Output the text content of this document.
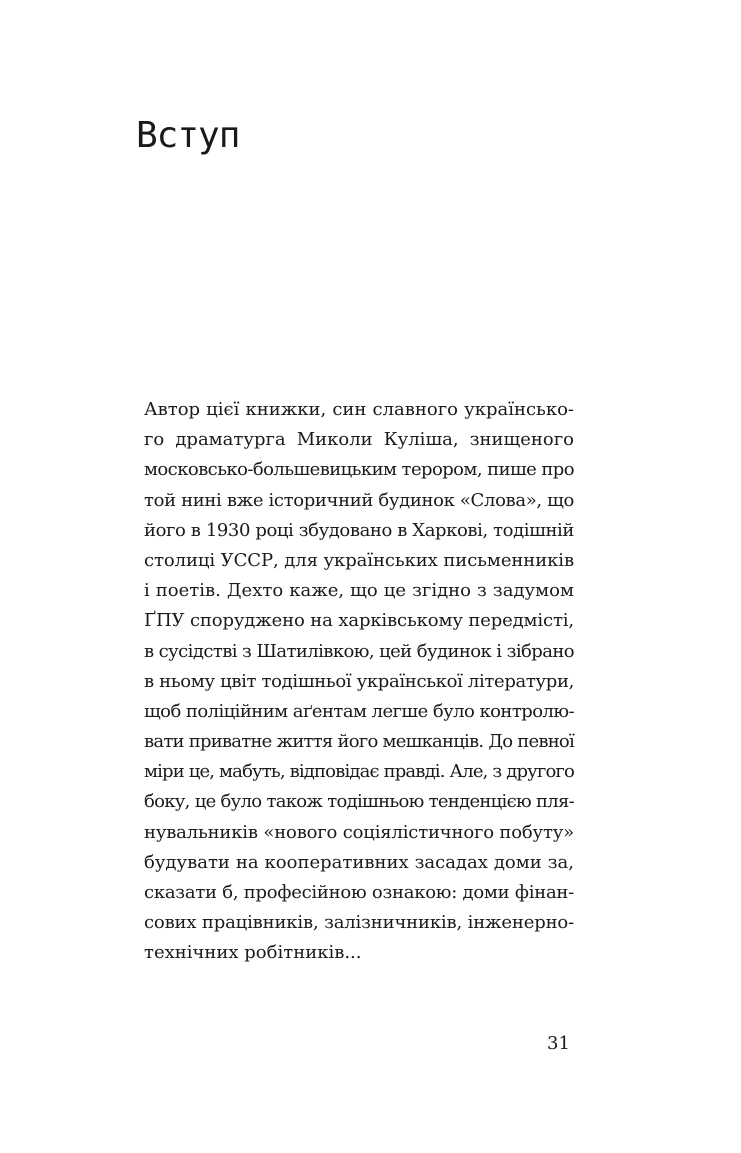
Вступ
Автор цієї книжки, син славного українсько-
го драматурга Миколи Куліша, знищеного
московсько-большевицьким терором, пише про
той нині вже історичний будинок «Слова», що
його в 1930 році збудовано в Харкові, тодішній
столиці УССР, для українських письменників
і поетів. Дехто каже, що це згідно з задумом
ҐПУ споруджено на харківському передмісті,
в сусідстві з Шатилівкою, цей будинок і зібрано
в ньому цвіт тодішньої української літератури,
щоб поліційним аґентам легше було контролю-
вати приватне життя його мешканців. До певної
міри це, мабуть, відповідає правді. Але, з другого
боку, це було також тодішньою тенденцією пля-
нувальників «нового соціялістичного побуту»
будувати на кооперативних засадах доми за,
сказати б, професійною ознакою: доми фінан-
сових працівників, залізничників, інженерно-
технічних робітників...
31
